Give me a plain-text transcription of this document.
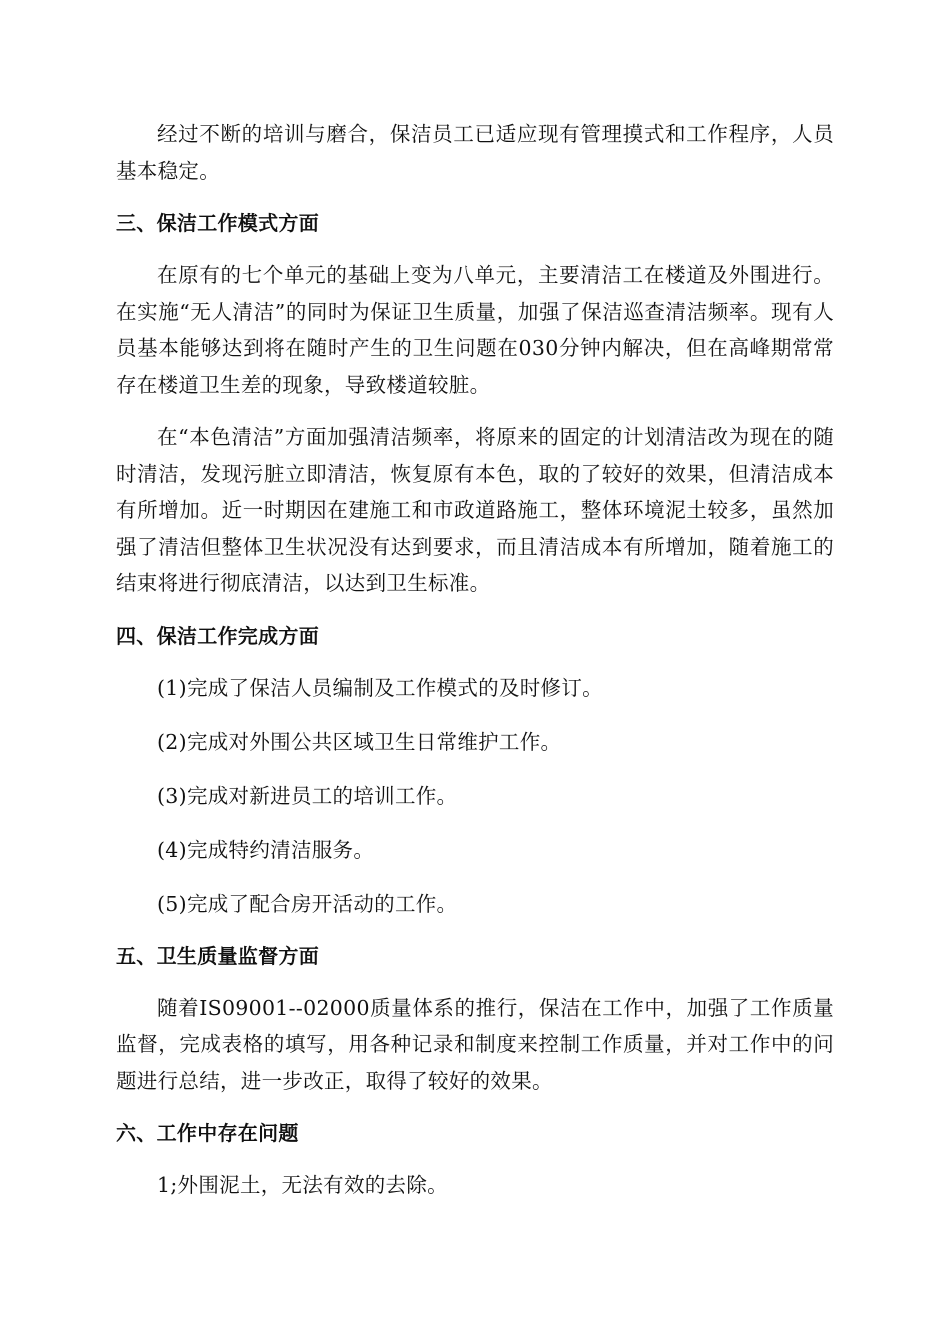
经过不断的培训与磨合，保洁员工已适应现有管理摸式和工作程序，人员基本稳定。

三、保洁工作模式方面

在原有的七个单元的基础上变为八单元，主要清洁工在楼道及外围进行。在实施“无人清洁”的同时为保证卫生质量，加强了保洁巡查清洁频率。现有人员基本能够达到将在随时产生的卫生问题在030分钟内解决，但在高峰期常常存在楼道卫生差的现象，导致楼道较脏。

在“本色清洁”方面加强清洁频率，将原来的固定的计划清洁改为现在的随时清洁，发现污脏立即清洁，恢复原有本色，取的了较好的效果，但清洁成本有所增加。近一时期因在建施工和市政道路施工，整体环境泥土较多，虽然加强了清洁但整体卫生状况没有达到要求，而且清洁成本有所增加，随着施工的结束将进行彻底清洁，以达到卫生标准。

四、保洁工作完成方面

(1)完成了保洁人员编制及工作模式的及时修订。

(2)完成对外围公共区域卫生日常维护工作。

(3)完成对新进员工的培训工作。

(4)完成特约清洁服务。

(5)完成了配合房开活动的工作。

五、卫生质量监督方面

随着IS09001--02000质量体系的推行，保洁在工作中，加强了工作质量监督，完成表格的填写，用各种记录和制度来控制工作质量，并对工作中的问题进行总结，进一步改正，取得了较好的效果。

六、工作中存在问题

1;外围泥土，无法有效的去除。
